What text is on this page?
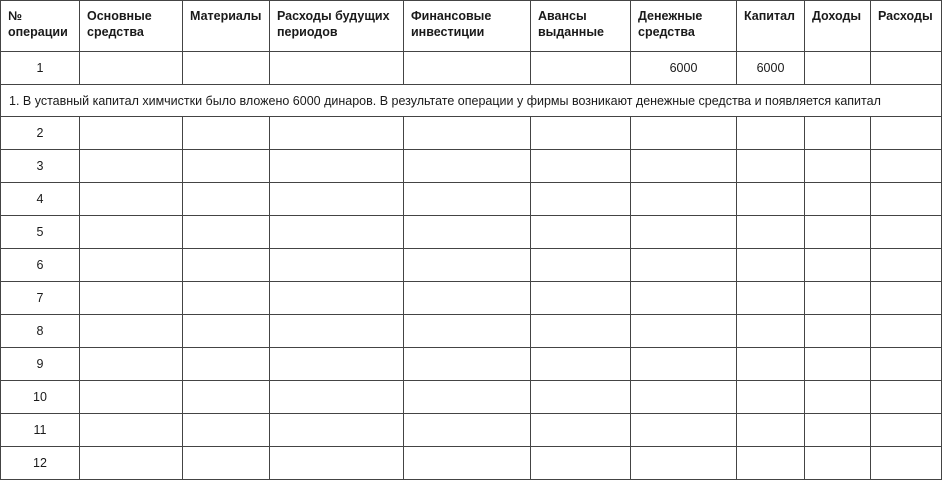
№
операции	Основные
средства	Материалы	Расходы будущих
периодов	Финансовые
инвестиции	Авансы
выданные	Денежные
средства	Капитал	Доходы	Расходы
1						6000	6000		
1. В уставный капитал химчистки было вложено 6000 динаров. В результате операции у фирмы возникают денежные средства и появляется капитал									
2									
3									
4									
5									
6									
7									
8									
9									
10									
11									
12									
